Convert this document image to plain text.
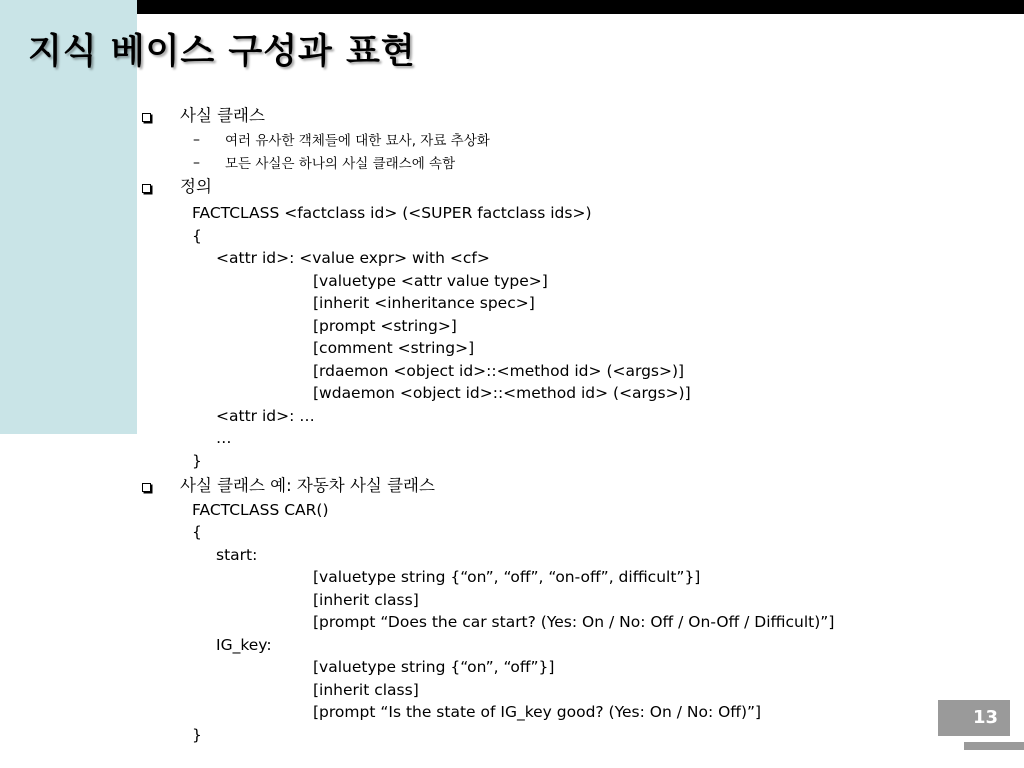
지식 베이스 구성과 표현
사실 클래스
– 여러 유사한 객체들에 대한 묘사, 자료 추상화
– 모든 사실은 하나의 사실 클래스에 속함
정의
FACTCLASS <factclass id> (<SUPER factclass ids>)
{
<attr id>: <value expr> with <cf>
[valuetype <attr value type>]
[inherit <inheritance spec>]
[prompt <string>]
[comment <string>]
[rdaemon <object id>::<method id> (<args>)]
[wdaemon <object id>::<method id> (<args>)]
<attr id>: …
…
}
사실 클래스 예: 자동차 사실 클래스
FACTCLASS CAR()
{
start:
[valuetype string {“on”, “off”, “on-off”, difficult”}]
[inherit class]
[prompt “Does the car start? (Yes: On / No: Off / On-Off / Difficult)”]
IG_key:
[valuetype string {“on”, “off”}]
[inherit class]
[prompt “Is the state of IG_key good? (Yes: On / No: Off)”]
}
13
